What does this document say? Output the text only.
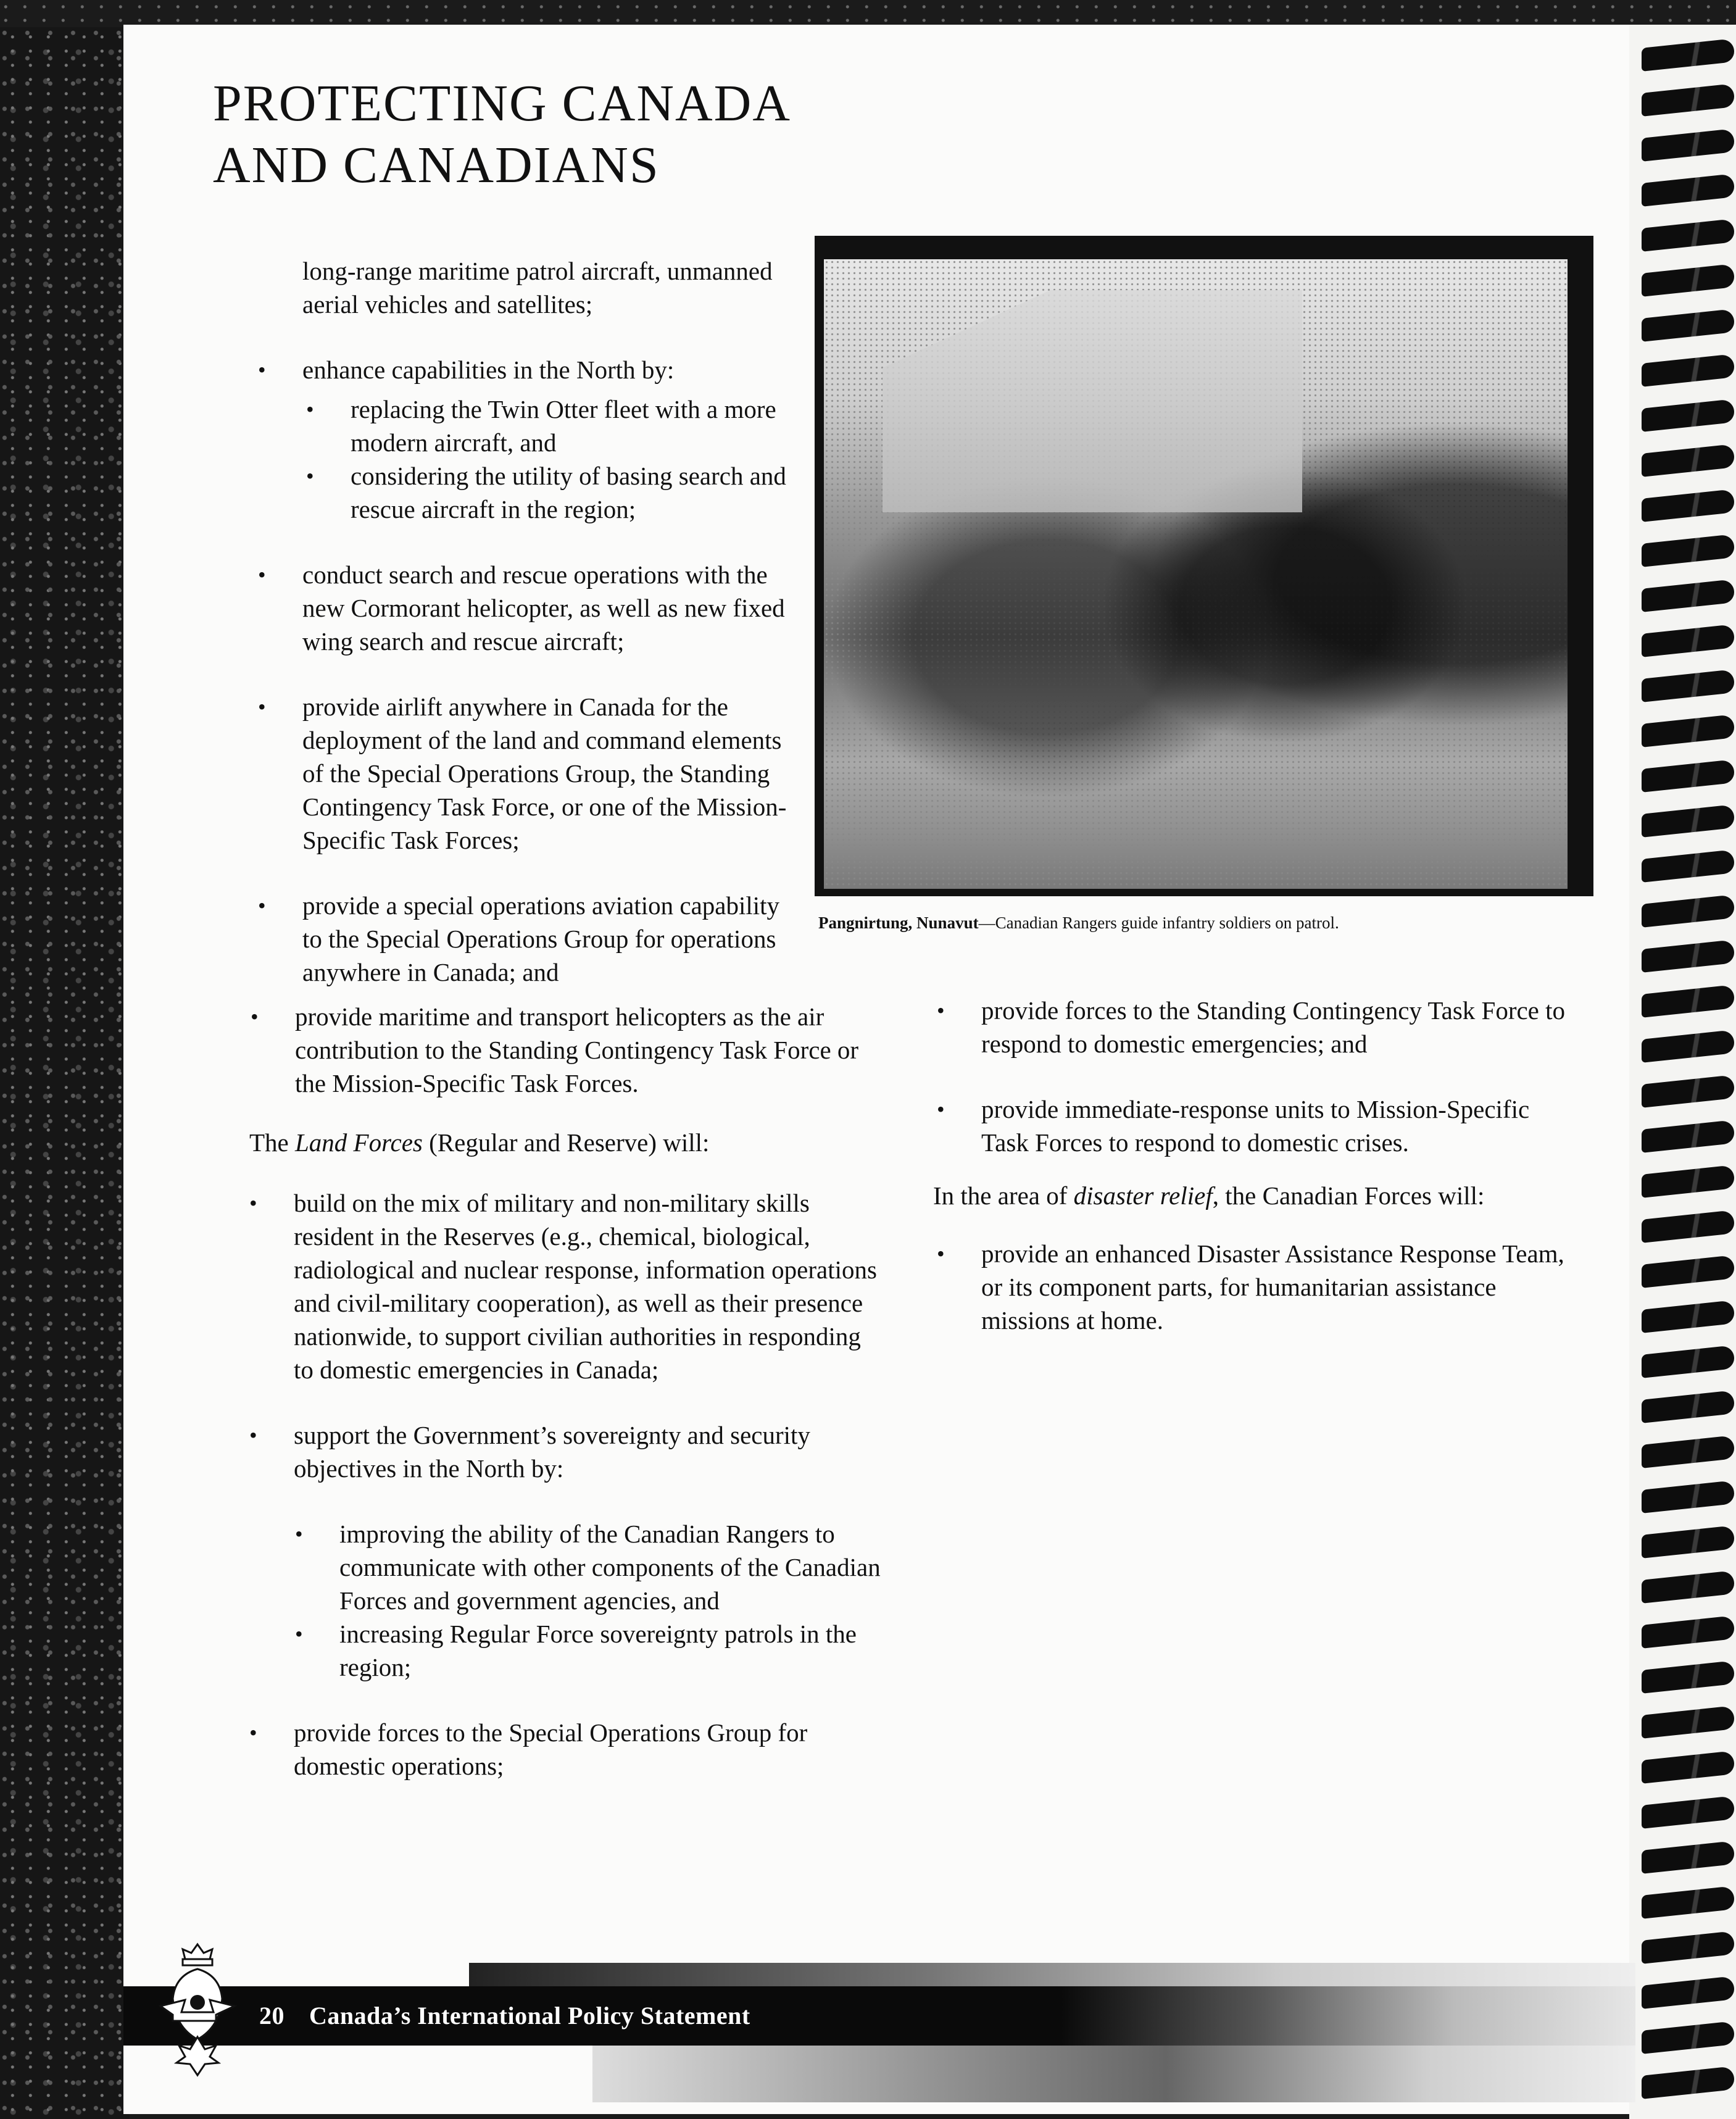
PROTECTING CANADA
AND CANADIANS
long-range maritime patrol aircraft, unmanned aerial vehicles and satellites;
• enhance capabilities in the North by:
• replacing the Twin Otter fleet with a more modern aircraft, and
• considering the utility of basing search and rescue aircraft in the region;
• conduct search and rescue operations with the new Cormorant helicopter, as well as new fixed wing search and rescue aircraft;
• provide airlift anywhere in Canada for the deployment of the land and command elements of the Special Operations Group, the Standing Contingency Task Force, or one of the Mission-Specific Task Forces;
• provide a special operations aviation capability to the Special Operations Group for operations anywhere in Canada; and

Pangnirtung, Nunavut—Canadian Rangers guide infantry soldiers on patrol.

• provide maritime and transport helicopters as the air contribution to the Standing Contingency Task Force or the Mission-Specific Task Forces.
The Land Forces (Regular and Reserve) will:
• build on the mix of military and non-military skills resident in the Reserves (e.g., chemical, biological, radiological and nuclear response, information operations and civil-military cooperation), as well as their presence nationwide, to support civilian authorities in responding to domestic emergencies in Canada;
• support the Government’s sovereignty and security objectives in the North by:
• improving the ability of the Canadian Rangers to communicate with other components of the Canadian Forces and government agencies, and
• increasing Regular Force sovereignty patrols in the region;
• provide forces to the Special Operations Group for domestic operations;
• provide forces to the Standing Contingency Task Force to respond to domestic emergencies; and
• provide immediate-response units to Mission-Specific Task Forces to respond to domestic crises.
In the area of disaster relief, the Canadian Forces will:
• provide an enhanced Disaster Assistance Response Team, or its component parts, for humanitarian assistance missions at home.

20 Canada’s International Policy Statement
